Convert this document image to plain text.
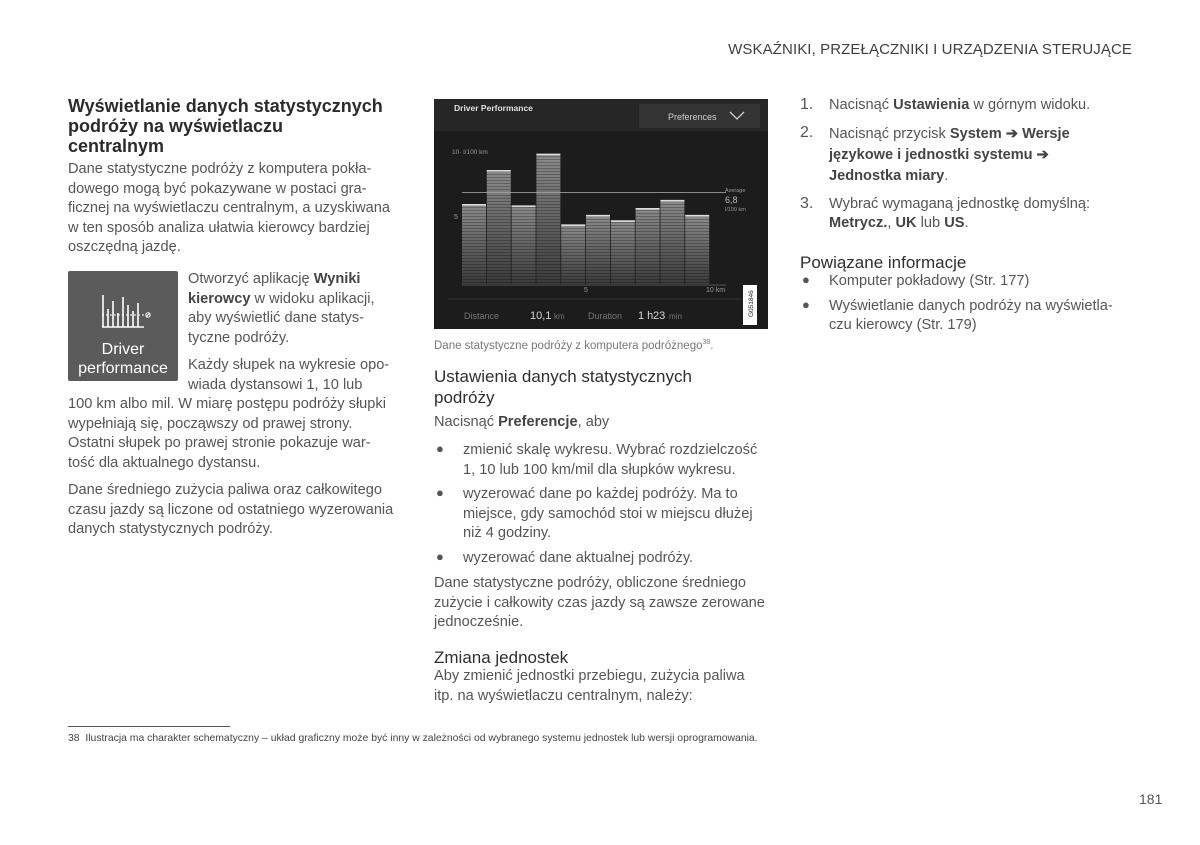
WSKAŹNIKI, PRZEŁĄCZNIKI I URZĄDZENIA STERUJĄCE
Wyświetlanie danych statystycznych
podróży na wyświetlaczu
centralnym

Dane statystyczne podróży z komputera pokła-

dowego mogą być pokazywane w postaci gra-

ficznej na wyświetlaczu centralnym, a uzyskiwana

w ten sposób analiza ułatwia kierowcy bardziej

oszczędną jazdę.

Driver
performance

Otworzyć aplikację Wyniki

kierowcy w widoku aplikacji,

aby wyświetlić dane statys-

tyczne podróży.

Każdy słupek na wykresie opo-

wiada dystansowi 1, 10 lub

100 km albo mil. W miarę postępu podróży słupki

wypełniają się, począwszy od prawej strony.

Ostatni słupek po prawej stronie pokazuje war-

tość dla aktualnego dystansu.

Dane średniego zużycia paliwa oraz całkowitego

czasu jazdy są liczone od ostatniego wyzerowania

danych statystycznych podróży.

Driver Performance
Preferences
10· l/100 km
5
Average
6,8
l/100 km
5	10 km
Distance	10,1 km	Duration 1 h 23 min	G051846

Dane statystyczne podróży z komputera podróżnego$^{38}$.

Ustawienia danych statystycznych
podróży

Nacisnąć Preferencje, aby

● zmienić skalę wykresu. Wybrać rozdzielczość

1, 10 lub 100 km/mil dla słupków wykresu.

● wyzerować dane po każdej podróży. Ma to

miejsce, gdy samochód stoi w miejscu dłużej

niż 4 godziny.

● wyzerować dane aktualnej podróży.

Dane statystyczne podróży, obliczone średniego

zużycie i całkowity czas jazdy są zawsze zerowane

jednocześnie.

Zmiana jednostek

Aby zmienić jednostki przebiegu, zużycia paliwa

itp. na wyświetlaczu centralnym, należy:

1. Nacisnąć Ustawienia w górnym widoku.

2. Nacisnąć przycisk System ➔ Wersje

językowe i jednostki systemu ➔

Jednostka miary.

3. Wybrać wymaganą jednostkę domyślną:

Metrycz., UK lub US.

Powiązane informacje
● Komputer pokładowy (Str. 177)

● Wyświetlanie danych podróży na wyświetla-

czu kierowcy (Str. 179)

38 Ilustracja ma charakter schematyczny – układ graficzny może być inny w zależności od wybranego systemu jednostek lub wersji oprogramowania.
181
